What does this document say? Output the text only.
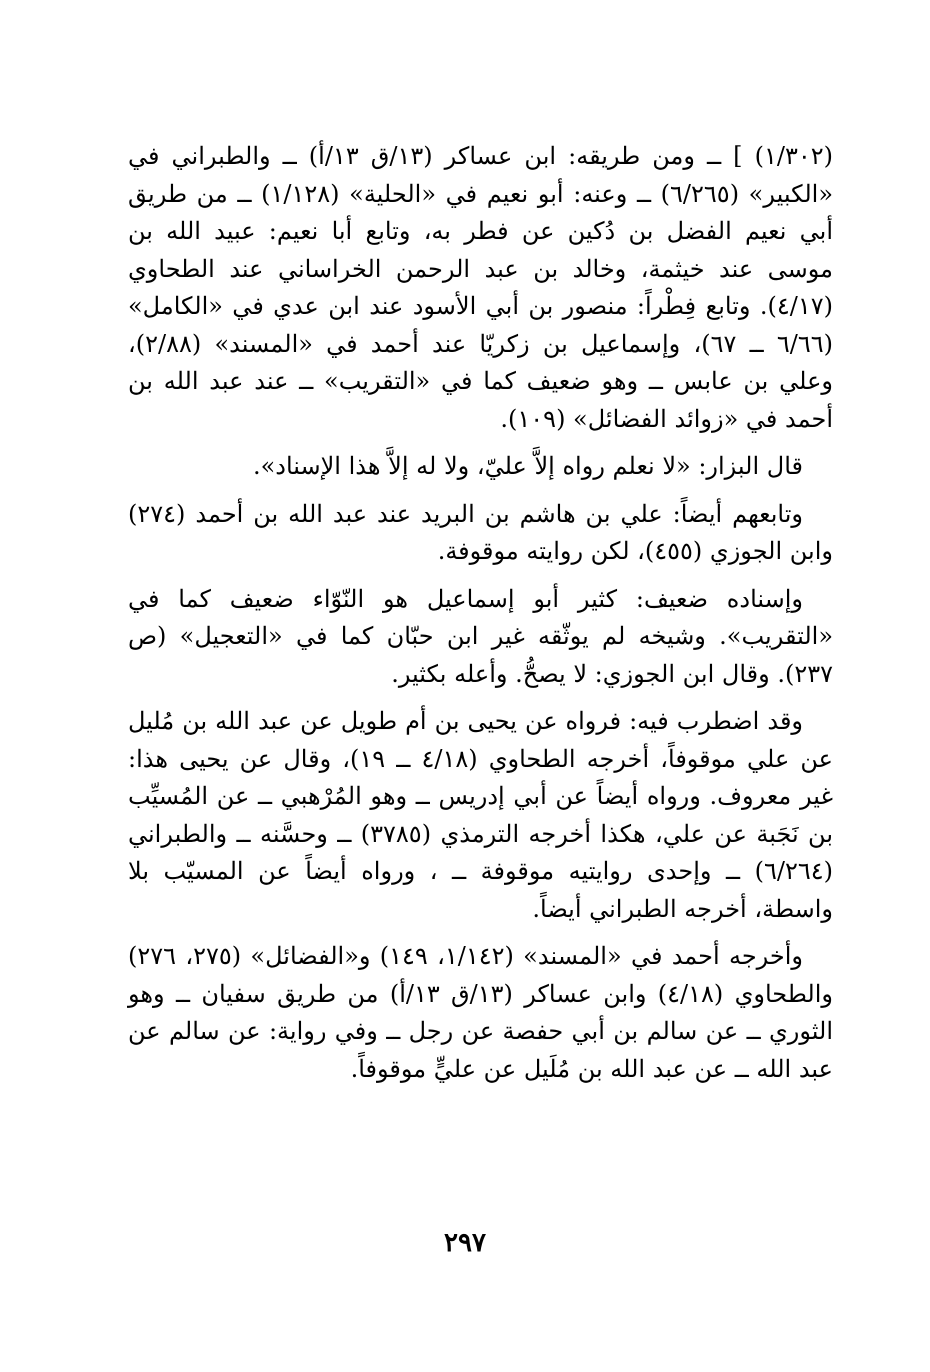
(١/٣٠٢) ] ــ ومن طريقه: ابن عساكر (١٣/ق ١٣/أ) ــ والطبراني في «الكبير» (٦/٢٦٥) ــ وعنه: أبو نعيم في «الحلية» (١/١٢٨) ــ من طريق أبي نعيم الفضل بن دُكين عن فطر به، وتابع أبا نعيم: عبيد الله بن موسى عند خيثمة، وخالد بن عبد الرحمن الخراساني عند الطحاوي (٤/١٧). وتابع فِطْراً: منصور بن أبي الأسود عند ابن عدي في «الكامل» (٦/٦٦ ــ ٦٧)، وإسماعيل بن زكريّا عند أحمد في «المسند» (٢/٨٨)، وعلي بن عابس ــ وهو ضعيف كما في «التقريب» ــ عند عبد الله بن أحمد في «زوائد الفضائل» (١٠٩).

قال البزار: «لا نعلم رواه إلاَّ عليّ، ولا له إلاَّ هذا الإسناد».

وتابعهم أيضاً: علي بن هاشم بن البريد عند عبد الله بن أحمد (٢٧٤) وابن الجوزي (٤٥٥)، لكن روايته موقوفة.

وإسناده ضعيف: كثير أبو إسماعيل هو النّوّاء ضعيف كما في «التقريب». وشيخه لم يوثّقه غير ابن حبّان كما في «التعجيل» (ص ٢٣٧). وقال ابن الجوزي: لا يصحُّ. وأعله بكثير.

وقد اضطرب فيه: فرواه عن يحيى بن أم طويل عن عبد الله بن مُليل عن علي موقوفاً، أخرجه الطحاوي (٤/١٨ ــ ١٩)، وقال عن يحيى هذا: غير معروف. ورواه أيضاً عن أبي إدريس ــ وهو المُرْهبي ــ عن المُسيِّب بن نَجَبة عن علي، هكذا أخرجه الترمذي (٣٧٨٥) ــ وحسَّنه ــ والطبراني (٦/٢٦٤) ــ وإحدى روايتيه موقوفة ــ ، ورواه أيضاً عن المسيّب بلا واسطة، أخرجه الطبراني أيضاً.

وأخرجه أحمد في «المسند» (١/١٤٢، ١٤٩) و«الفضائل» (٢٧٥، ٢٧٦) والطحاوي (٤/١٨) وابن عساكر (١٣/ق ١٣/أ) من طريق سفيان ــ وهو الثوري ــ عن سالم بن أبي حفصة عن رجل ــ وفي رواية: عن سالم عن عبد الله ــ عن عبد الله بن مُلَيل عن عليٍّ موقوفاً.

٢٩٧
